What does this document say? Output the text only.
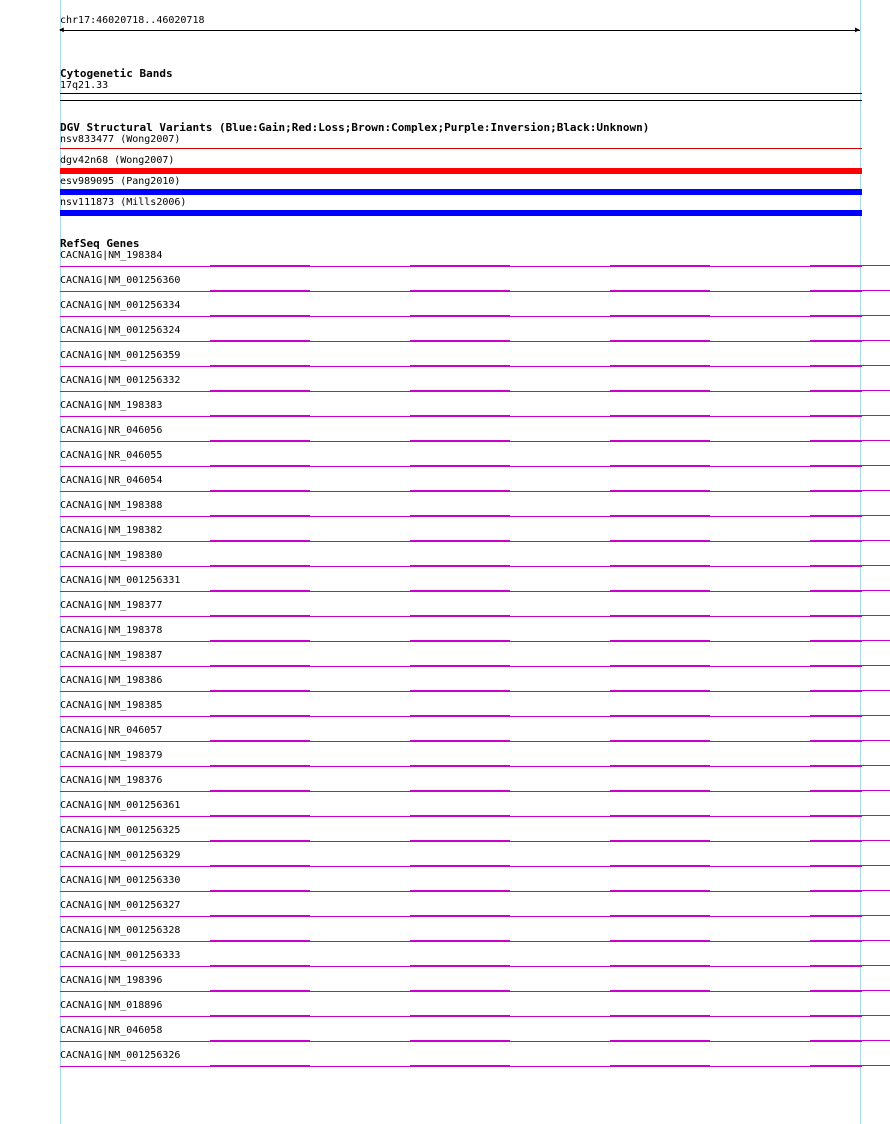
chr17:46020718..46020718
◀	▶
Cytogenetic Bands
17q21.33
DGV Structural Variants (Blue:Gain;Red:Loss;Brown:Complex;Purple:Inversion;Black:Unknown)
nsv833477 (Wong2007)
dgv42n68 (Wong2007)
esv989095 (Pang2010)
nsv111873 (Mills2006)
RefSeq Genes
CACNA1G|NM_198384
CACNA1G|NM_001256360
CACNA1G|NM_001256334
CACNA1G|NM_001256324
CACNA1G|NM_001256359
CACNA1G|NM_001256332
CACNA1G|NM_198383
CACNA1G|NR_046056
CACNA1G|NR_046055
CACNA1G|NR_046054
CACNA1G|NM_198388
CACNA1G|NM_198382
CACNA1G|NM_198380
CACNA1G|NM_001256331
CACNA1G|NM_198377
CACNA1G|NM_198378
CACNA1G|NM_198387
CACNA1G|NM_198386
CACNA1G|NM_198385
CACNA1G|NR_046057
CACNA1G|NM_198379
CACNA1G|NM_198376
CACNA1G|NM_001256361
CACNA1G|NM_001256325
CACNA1G|NM_001256329
CACNA1G|NM_001256330
CACNA1G|NM_001256327
CACNA1G|NM_001256328
CACNA1G|NM_001256333
CACNA1G|NM_198396
CACNA1G|NM_018896
CACNA1G|NR_046058
CACNA1G|NM_001256326
